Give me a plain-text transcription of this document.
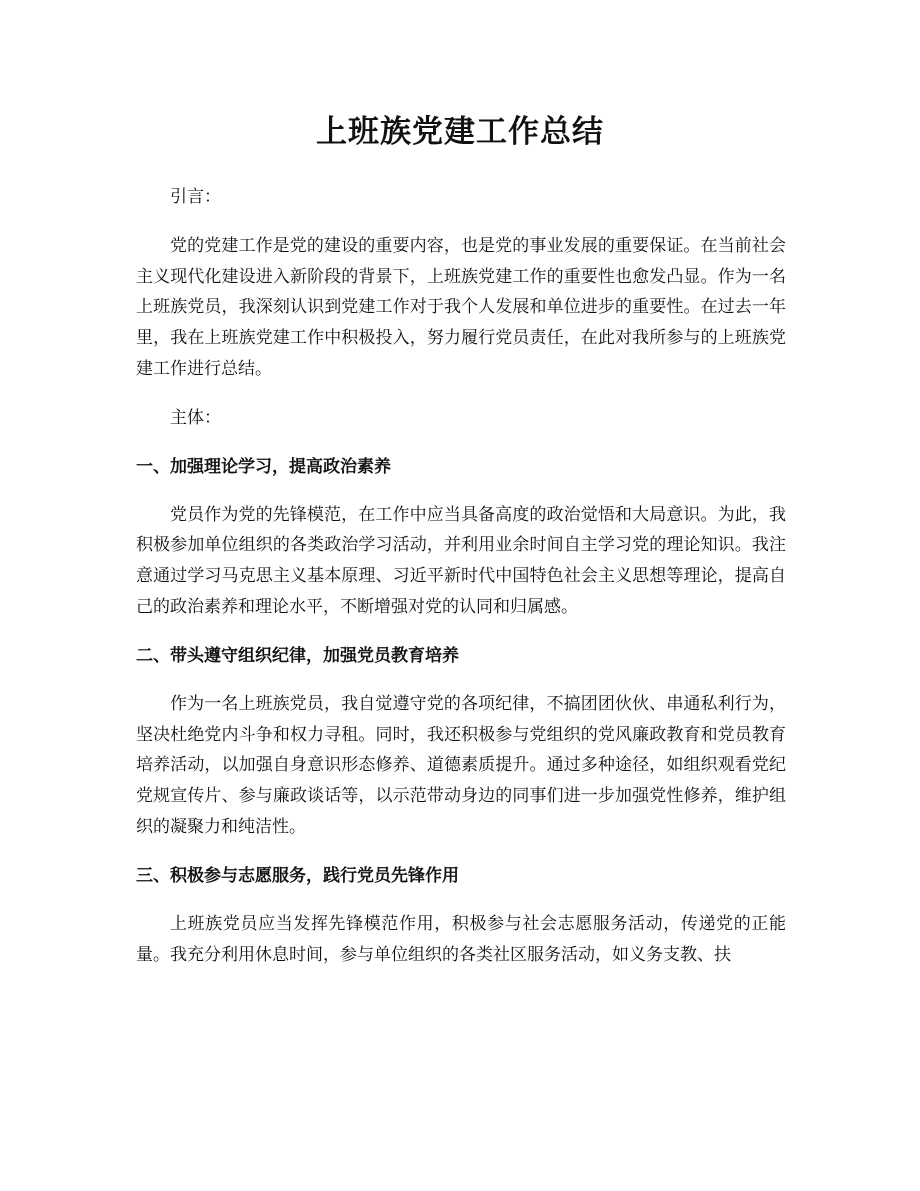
上班族党建工作总结

引言：

党的党建工作是党的建设的重要内容，也是党的事业发展的重要保证。在当前社会主义现代化建设进入新阶段的背景下，上班族党建工作的重要性也愈发凸显。作为一名上班族党员，我深刻认识到党建工作对于我个人发展和单位进步的重要性。在过去一年里，我在上班族党建工作中积极投入，努力履行党员责任，在此对我所参与的上班族党建工作进行总结。

主体：

一、加强理论学习，提高政治素养

党员作为党的先锋模范，在工作中应当具备高度的政治觉悟和大局意识。为此，我积极参加单位组织的各类政治学习活动，并利用业余时间自主学习党的理论知识。我注意通过学习马克思主义基本原理、习近平新时代中国特色社会主义思想等理论，提高自己的政治素养和理论水平，不断增强对党的认同和归属感。

二、带头遵守组织纪律，加强党员教育培养

作为一名上班族党员，我自觉遵守党的各项纪律，不搞团团伙伙、串通私利行为，坚决杜绝党内斗争和权力寻租。同时，我还积极参与党组织的党风廉政教育和党员教育培养活动，以加强自身意识形态修养、道德素质提升。通过多种途径，如组织观看党纪党规宣传片、参与廉政谈话等，以示范带动身边的同事们进一步加强党性修养，维护组织的凝聚力和纯洁性。

三、积极参与志愿服务，践行党员先锋作用

上班族党员应当发挥先锋模范作用，积极参与社会志愿服务活动，传递党的正能量。我充分利用休息时间，参与单位组织的各类社区服务活动，如义务支教、扶
